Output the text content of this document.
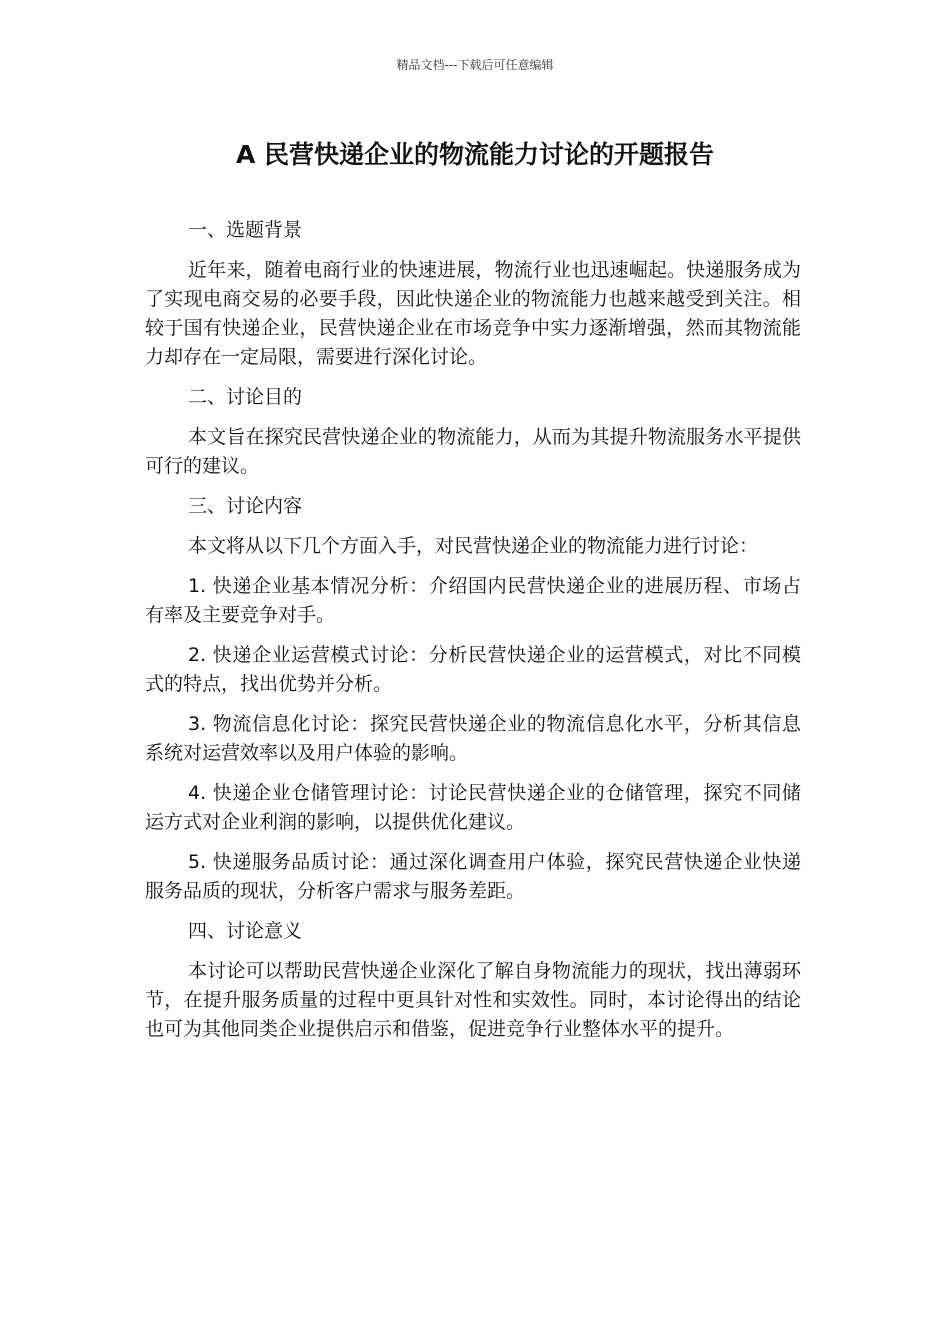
精品文档---下载后可任意编辑
A 民营快递企业的物流能力讨论的开题报告
一、选题背景
近年来，随着电商行业的快速进展，物流行业也迅速崛起。快递服务成为了实现电商交易的必要手段，因此快递企业的物流能力也越来越受到关注。相较于国有快递企业，民营快递企业在市场竞争中实力逐渐增强，然而其物流能力却存在一定局限，需要进行深化讨论。
二、讨论目的
本文旨在探究民营快递企业的物流能力，从而为其提升物流服务水平提供可行的建议。
三、讨论内容
本文将从以下几个方面入手，对民营快递企业的物流能力进行讨论：
1. 快递企业基本情况分析：介绍国内民营快递企业的进展历程、市场占有率及主要竞争对手。
2. 快递企业运营模式讨论：分析民营快递企业的运营模式，对比不同模式的特点，找出优势并分析。
3. 物流信息化讨论：探究民营快递企业的物流信息化水平，分析其信息系统对运营效率以及用户体验的影响。
4. 快递企业仓储管理讨论：讨论民营快递企业的仓储管理，探究不同储运方式对企业利润的影响，以提供优化建议。
5. 快递服务品质讨论：通过深化调查用户体验，探究民营快递企业快递服务品质的现状，分析客户需求与服务差距。
四、讨论意义
本讨论可以帮助民营快递企业深化了解自身物流能力的现状，找出薄弱环节，在提升服务质量的过程中更具针对性和实效性。同时，本讨论得出的结论也可为其他同类企业提供启示和借鉴，促进竞争行业整体水平的提升。
